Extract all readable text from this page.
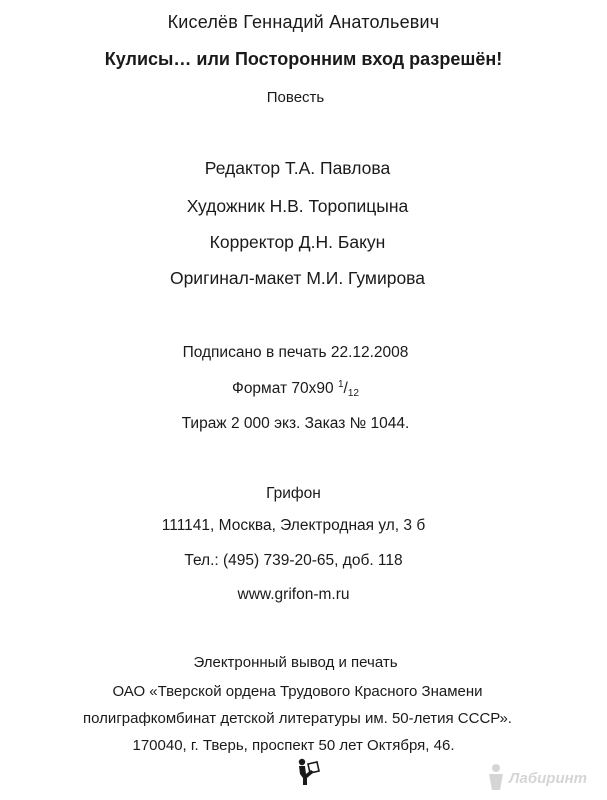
Киселёв Геннадий Анатольевич
Кулисы… или Посторонним вход разрешён!
Повесть
Редактор Т.А. Павлова
Художник Н.В. Торопицына
Корректор Д.Н. Бакун
Оригинал-макет М.И. Гумирова
Подписано в печать 22.12.2008
Формат 70x90 $^1$/12
Тираж 2 000 экз. Заказ № 1044.
Грифон
111141, Москва, Электродная ул, 3 б
Тел.: (495) 739-20-65, доб. 118
www.grifon-m.ru
Электронный вывод и печать
ОАО «Тверской ордена Трудового Красного Знамени
полиграфкомбинат детской литературы им. 50-летия СССР».
170040, г. Тверь, проспект 50 лет Октября, 46.
Лабиринт
